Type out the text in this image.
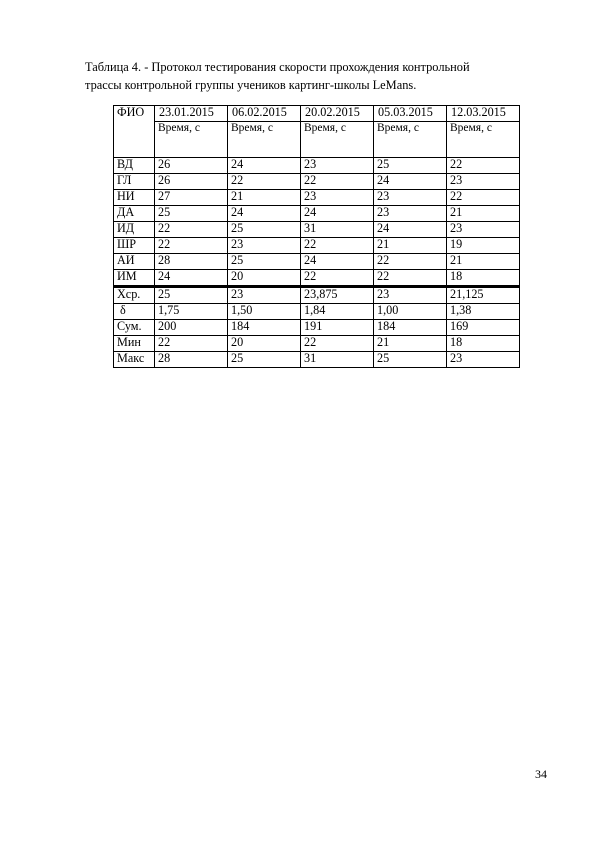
Таблица 4. - Протокол тестирования скорости прохождения контрольной
трассы контрольной группы учеников картинг-школы LeMans.

ФИО	23.01.2015	06.02.2015	20.02.2015	05.03.2015	12.03.2015
	Время, с	Время, с	Время, с	Время, с	Время, с
ВД	26	24	23	25	22
ГЛ	26	22	22	24	23
НИ	27	21	23	23	22
ДА	25	24	24	23	21
ИД	22	25	31	24	23
ШР	22	23	22	21	19
АИ	28	25	24	22	21
ИМ	24	20	22	22	18
Хср.	25	23	23,875	23	21,125
δ	1,75	1,50	1,84	1,00	1,38
Сум.	200	184	191	184	169
Мин	22	20	22	21	18
Макс	28	25	31	25	23
34
